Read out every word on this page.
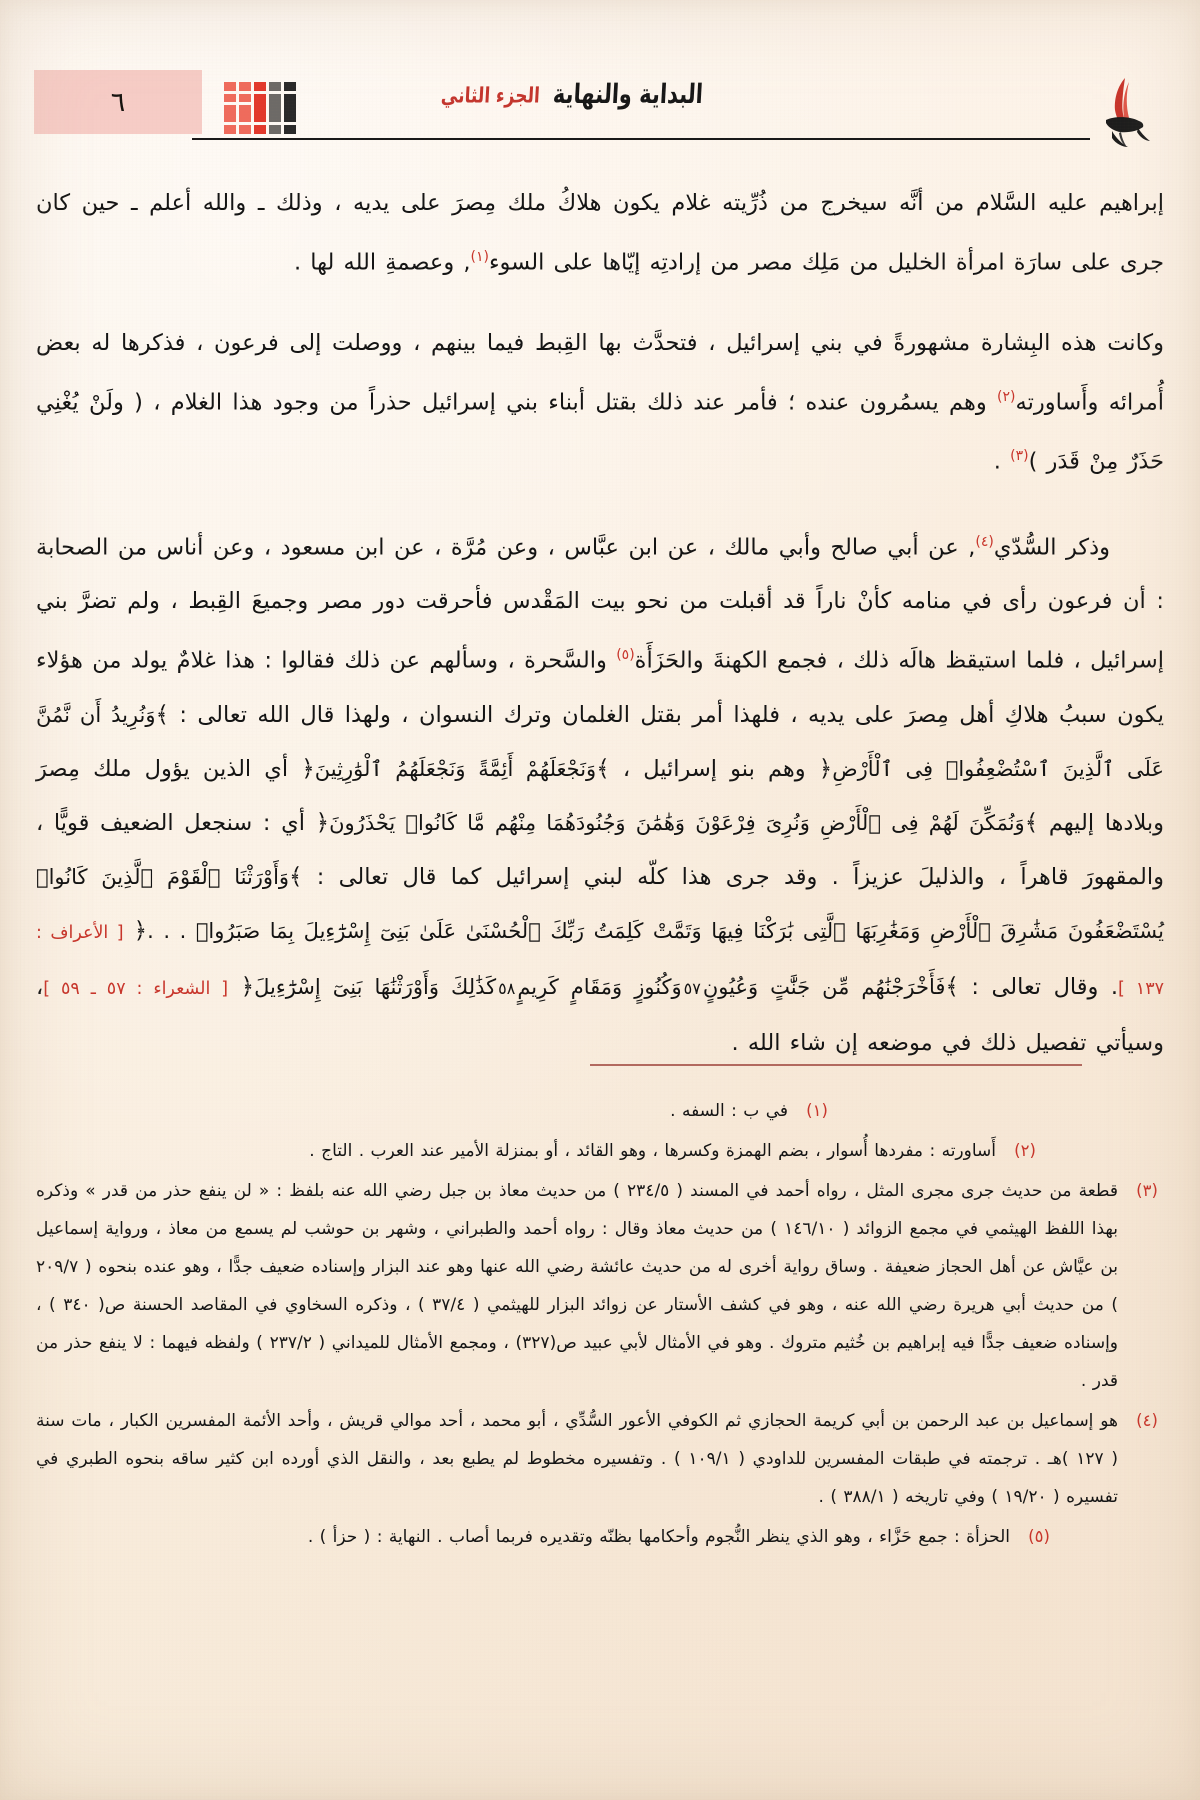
البداية والنهاية الجزء الثاني
٦

إبراهيم عليه السَّلام من أنَّه سيخرج من ذُرِّيته غلام يكون هلاكُ ملك مِصرَ على يديه ، وذلك ـ والله أعلم ـ حين كان جرى على سارَة امرأة الخليل من مَلِك مصر من إرادتِه إيّاها على السوء$^{(١)}$, وعصمةِ الله لها .

وكانت هذه البِشارة مشهورةً في بني إسرائيل ، فتحدَّث بها القِبط فيما بينهم ، ووصلت إلى فرعون ، فذكرها له بعض أُمرائه وأَساورته$^{(٢)}$ وهم يسمُرون عنده ؛ فأمر عند ذلك بقتل أبناء بني إسرائيل حذراً من وجود هذا الغلام ، ( ولَنْ يُغْنِي حَذَرٌ مِنْ قَدَر )$^{(٣)}$ .

وذكر السُّدّي$^{(٤)}$, عن أبي صالح وأبي مالك ، عن ابن عبَّاس ، وعن مُرَّة ، عن ابن مسعود ، وعن أناس من الصحابة : أن فرعون رأى في منامه كأنْ ناراً قد أقبلت من نحو بيت المَقْدس فأحرقت دور مصر وجميعَ القِبط ، ولم تضرَّ بني إسرائيل ، فلما استيقظ هالَه ذلك ، فجمع الكهنةَ والحَزَأَة$^{(٥)}$ والسَّحرة ، وسألهم عن ذلك فقالوا : هذا غلامٌ يولد من هؤلاء يكون سببُ هلاكِ أهل مِصرَ على يديه ، فلهذا أمر بقتل الغلمان وترك النسوان ، ولهذا قال الله تعالى : ﴾وَنُرِيدُ أَن نَّمُنَّ عَلَى ٱلَّذِينَ ٱسْتُضْعِفُوا۟ فِى ٱلْأَرْضِ﴿ وهم بنو إسرائيل ، ﴾وَنَجْعَلَهُمْ أَئِمَّةً وَنَجْعَلَهُمُ ٱلْوَٰرِثِينَ﴿ أي الذين يؤول ملك مِصرَ وبلادها إليهم ﴾وَنُمَكِّنَ لَهُمْ فِى ٱلْأَرْضِ وَنُرِىَ فِرْعَوْنَ وَهَٰمَٰنَ وَجُنُودَهُمَا مِنْهُم مَّا كَانُوا۟ يَحْذَرُونَ﴿ أي : سنجعل الضعيف قويًّا ، والمقهورَ قاهراً ، والذليلَ عزيزاً . وقد جرى هذا كلّه لبني إسرائيل كما قال تعالى : ﴾وَأَوْرَثْنَا ٱلْقَوْمَ ٱلَّذِينَ كَانُوا۟ يُسْتَضْعَفُونَ مَشَٰرِقَ ٱلْأَرْضِ وَمَغَٰرِبَهَا ٱلَّتِى بَٰرَكْنَا فِيهَا وَتَمَّتْ كَلِمَتُ رَبِّكَ ٱلْحُسْنَىٰ عَلَىٰ بَنِىٓ إِسْرَٰٓءِيلَ بِمَا صَبَرُوا۟ . . .﴿ [ الأعراف : ١٣٧ ]. وقال تعالى : ﴾فَأَخْرَجْنَٰهُم مِّن جَنَّٰتٍ وَعُيُونٍ٥٧وَكُنُوزٍ وَمَقَامٍ كَرِيمٍ٥٨كَذَٰلِكَ وَأَوْرَثْنَٰهَا بَنِىٓ إِسْرَٰٓءِيلَ﴿ [ الشعراء : ٥٧ ـ ٥٩ ]، وسيأتي تفصيل ذلك في موضعه إن شاء الله .

(١)
في ب : السفه .
(٢)
أَساورته : مفردها أُسوار ، بضم الهمزة وكسرها ، وهو القائد ، أو بمنزلة الأمير عند العرب . التاج .
(٣)
قطعة من حديث جرى مجرى المثل ، رواه أحمد في المسند ( ٢٣٤/٥ ) من حديث معاذ بن جبل رضي الله عنه بلفظ : « لن ينفع حذر من قدر » وذكره بهذا اللفظ الهيثمي في مجمع الزوائد ( ١٤٦/١٠ ) من حديث معاذ وقال : رواه أحمد والطبراني ، وشهر بن حوشب لم يسمع من معاذ ، ورواية إسماعيل بن عيَّاش عن أهل الحجاز ضعيفة . وساق رواية أخرى له من حديث عائشة رضي الله عنها وهو عند البزار وإسناده ضعيف جدًّا ، وهو عنده بنحوه ( ٢٠٩/٧ ) من حديث أبي هريرة رضي الله عنه ، وهو في كشف الأستار عن زوائد البزار للهيثمي ( ٣٧/٤ ) ، وذكره السخاوي في المقاصد الحسنة ص( ٣٤٠ ) ، وإسناده ضعيف جدًّا فيه إبراهيم بن خُثيم متروك . وهو في الأمثال لأبي عبيد ص(٣٢٧) ، ومجمع الأمثال للميداني ( ٢٣٧/٢ ) ولفظه فيهما : لا ينفع حذر من قدر .
(٤)
هو إسماعيل بن عبد الرحمن بن أبي كريمة الحجازي ثم الكوفي الأعور السُّدِّي ، أبو محمد ، أحد موالي قريش ، وأحد الأئمة المفسرين الكبار ، مات سنة ( ١٢٧ )هـ . ترجمته في طبقات المفسرين للداودي ( ١٠٩/١ ) . وتفسيره مخطوط لم يطبع بعد ، والنقل الذي أورده ابن كثير ساقه بنحوه الطبري في تفسيره ( ١٩/٢٠ ) وفي تاريخه ( ٣٨٨/١ ) .
(٥)
الحزأة : جمع حَزَّاء ، وهو الذي ينظر النُّجوم وأحكامها بظنّه وتقديره فربما أصاب . النهاية : ( حزأ ) .
